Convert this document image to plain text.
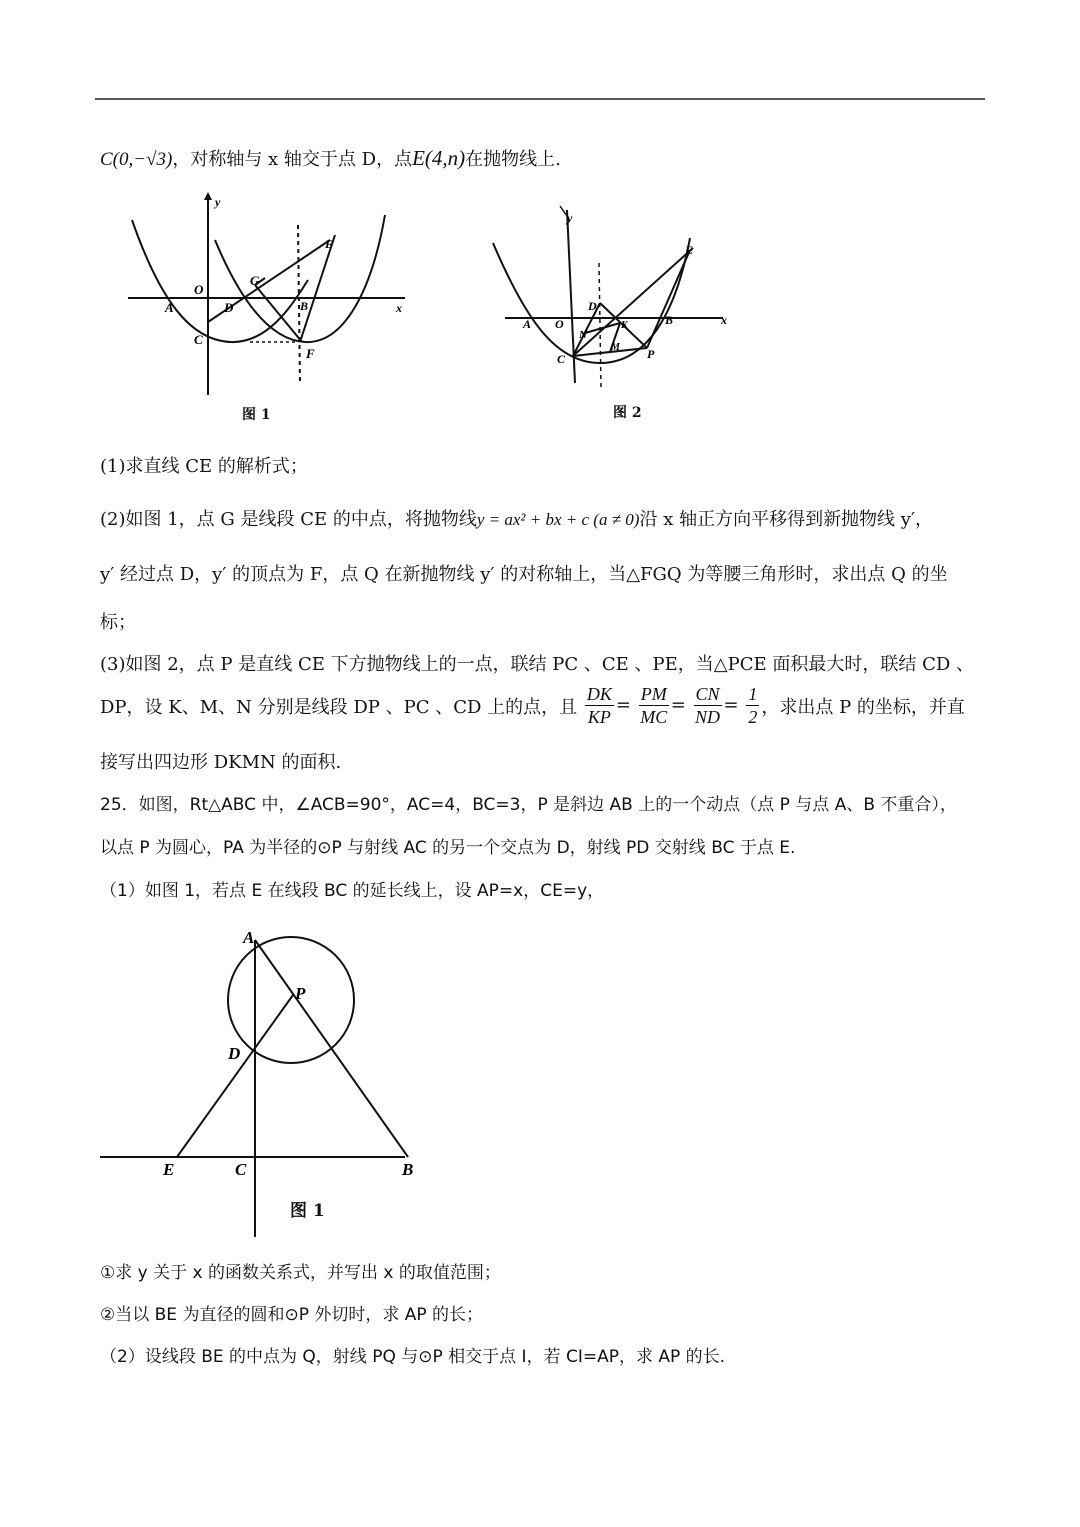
C(0,−√3)，对称轴与 x 轴交于点 D，点E(4,n)在抛物线上.
y
x
O
A	D	B
G
E
C
F
图 1
y
x
O
A
D
B
E
C	P
N
K
M
图 2
(1)求直线 CE 的解析式；
(2)如图 1，点 G 是线段 CE 的中点，将抛物线y = ax² + bx + c (a ≠ 0)沿 x 轴正方向平移得到新抛物线 y′，
y′ 经过点 D，y′ 的顶点为 F，点 Q 在新抛物线 y′ 的对称轴上，当△FGQ 为等腰三角形时，求出点 Q 的坐
标；
(3)如图 2，点 P 是直线 CE 下方抛物线上的一点，联结 PC 、CE 、PE，当△PCE 面积最大时，联结 CD 、
DP，设 K、M、N 分别是线段 DP 、PC 、CD 上的点，且 $\frac{DK}{KP} = \frac{PM}{MC} = \frac{CN}{ND} = \frac{1}{2}$ ，求出点 P 的坐标，并直
接写出四边形 DKMN 的面积.
25．如图，Rt△ABC 中，∠ACB=90°，AC=4，BC=3，P 是斜边 AB 上的一个动点（点 P 与点 A、B 不重合），
以点 P 为圆心，PA 为半径的⊙P 与射线 AC 的另一个交点为 D，射线 PD 交射线 BC 于点 E.
（1）如图 1，若点 E 在线段 BC 的延长线上，设 AP=x，CE=y，
A
P
D
E	C	B
图 1
①求 y 关于 x 的函数关系式，并写出 x 的取值范围；
②当以 BE 为直径的圆和⊙P 外切时，求 AP 的长；
（2）设线段 BE 的中点为 Q，射线 PQ 与⊙P 相交于点 I，若 CI=AP，求 AP 的长.
